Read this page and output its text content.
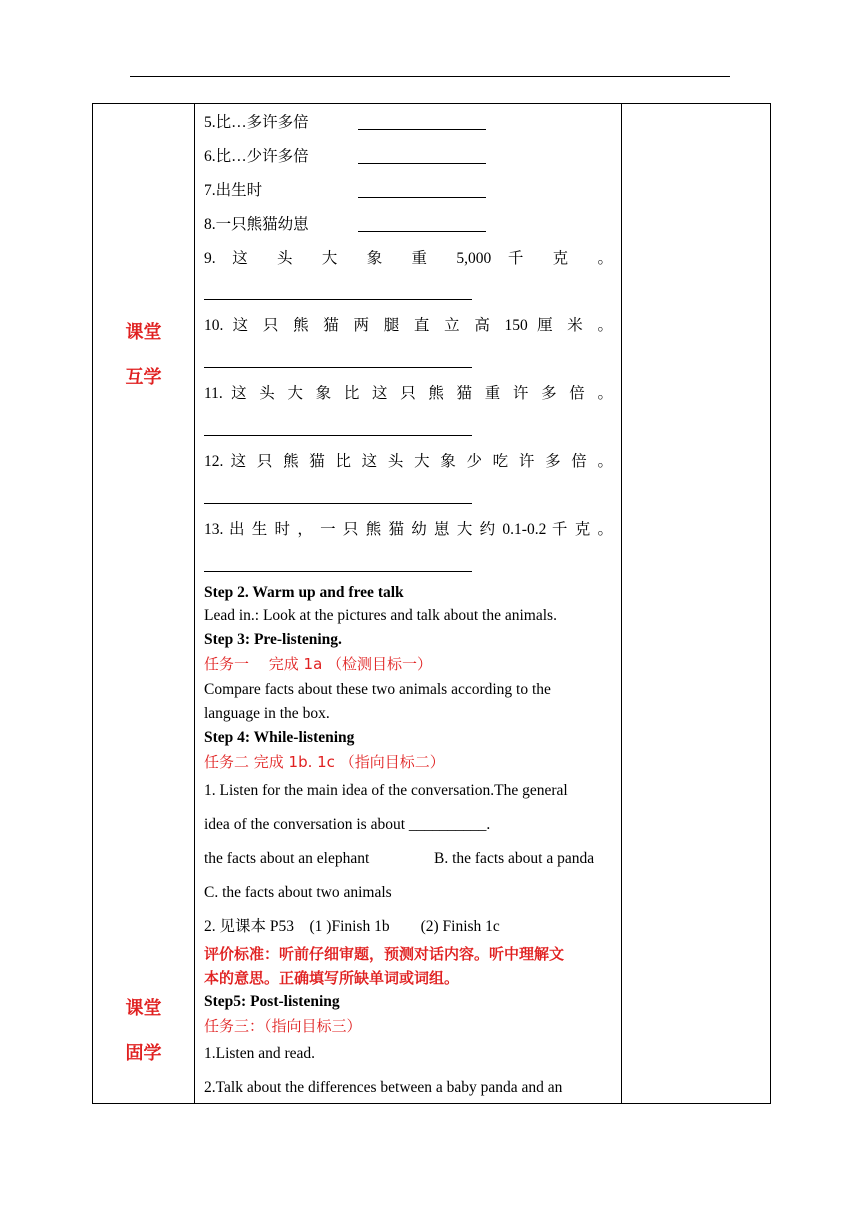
课堂
互学
课堂
固学

5.比…多许多倍
6.比…少许多倍
7.出生时
8.一只熊猫幼崽
9. 这 头 大 象 重 5,000 千 克 。
10. 这 只 熊 猫 两 腿 直 立 高 150 厘 米 。
11. 这 头 大 象 比 这 只 熊 猫 重 许 多 倍 。
12. 这 只 熊 猫 比 这 头 大 象 少 吃 许 多 倍 。
13. 出 生 时 ， 一 只 熊 猫 幼 崽 大 约 0.1-0.2 千 克 。
Step 2. Warm up and free talk
Lead in.: Look at the pictures and talk about the animals.
Step 3: Pre-listening.
任务一　 完成 1a （检测目标一）
Compare facts about these two animals according to the
language in the box.
Step 4: While-listening
任务二 完成 1b. 1c （指向目标二）
1. Listen for the main idea of the conversation.The general
idea of the conversation is about __________.
the facts about an elephant	B. the facts about a panda
C. the facts about two animals
2. 见课本 P53　(1 )Finish 1b　　(2) Finish 1c
评价标准：听前仔细审题，预测对话内容。听中理解文
本的意思。正确填写所缺单词或词组。
Step5: Post-listening
任务三：（指向目标三）
1.Listen and read.
2.Talk about the differences between a baby panda and an
